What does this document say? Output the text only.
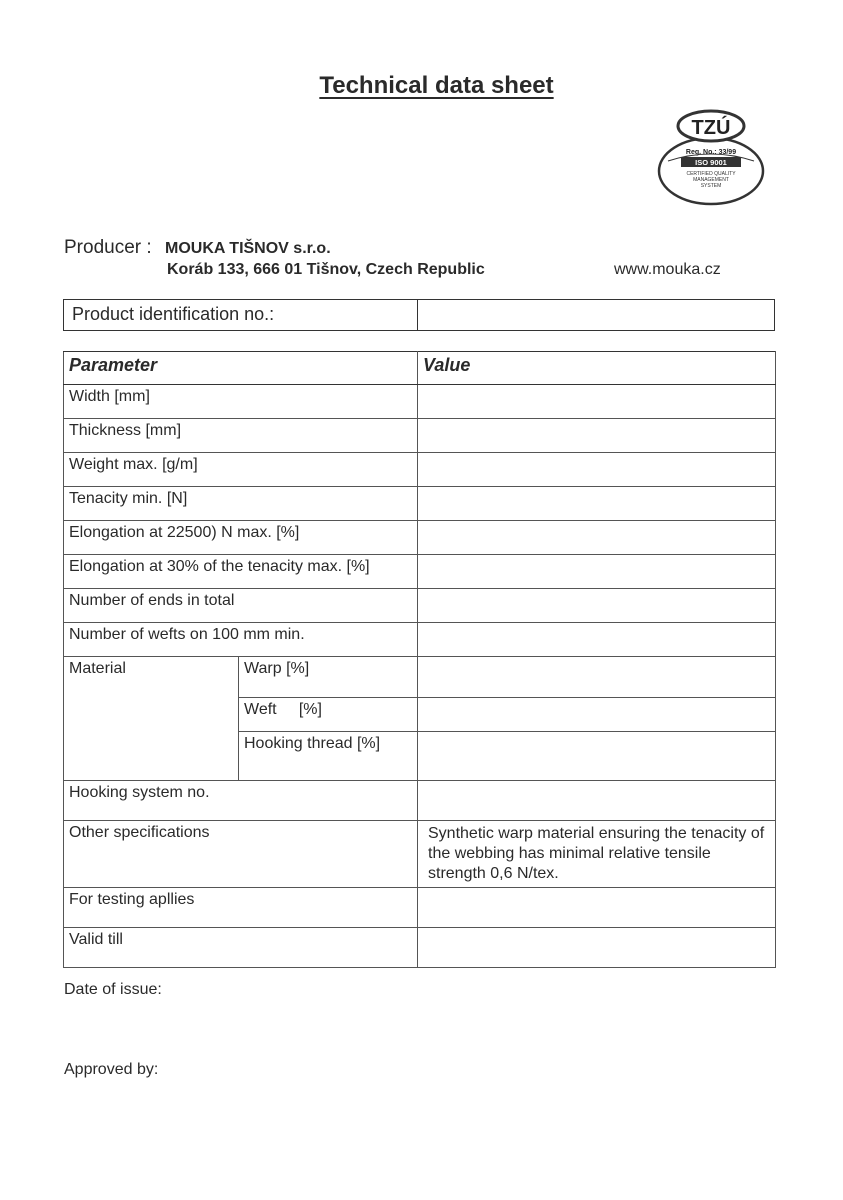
Technical data sheet
TZÚ
Reg. No.: 33/99
ISO 9001
CERTIFIED QUALITY
MANAGEMENT
SYSTEM
Producer : MOUKA TIŠNOV s.r.o.
Koráb 133, 666 01 Tišnov, Czech Republic	www.mouka.cz
Product identification no.:
Parameter		Value
Width [mm]		
Thickness [mm]		
Weight max. [g/m]		
Tenacity min. [N]		
Elongation at 22500) N max. [%]		
Elongation at 30% of the tenacity max. [%]		
Number of ends in total		
Number of wefts on 100 mm min.		
Material	Warp [%]	
	Weft     [%]	
	Hooking thread [%]	
Hooking system no.		
Other specifications		Synthetic warp material ensuring the tenacity of the webbing has minimal relative tensile strength 0,6 N/tex.
For testing apllies		
Valid till		
Date of issue:
Approved by:
